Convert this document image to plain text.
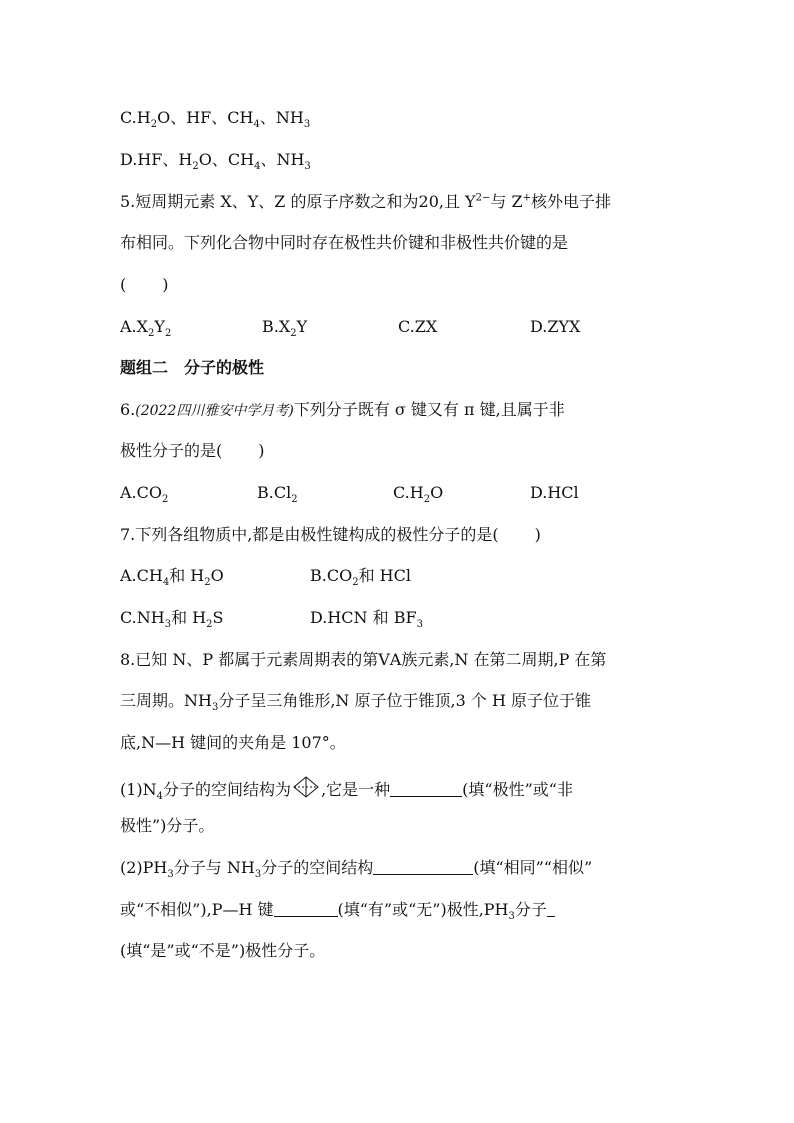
$C.H_2O$、HF、$CH_4$、$NH_3$
D.HF、$H_2O$、$CH_4$、$NH_3$
5.短周期元素 X、Y、Z 的原子序数之和为20,且 $Y^{2-}$与 Z+核外电子排
布相同。下列化合物中同时存在极性共价键和非极性共价键的是
( )
$A.X_2Y_2$	$B.X_2Y$	C.ZX	D.ZYX
题组二　分子的极性
6.(2022四川雅安中学月考)下列分子既有 σ 键又有 π 键,且属于非
极性分子的是( )
$A.CO_2$	$B.Cl_2$	$C.H_2O$	D.HCl
7.下列各组物质中,都是由极性键构成的极性分子的是( )
$A.CH_4$和 $H_2O$	$B.CO_2$和 HCl
$C.NH_3$和 $H_2S$	D.HCN 和 $BF_3$
8.已知 N、P 都属于元素周期表的第ⅤA族元素,N 在第二周期,P 在第
三周期。$NH_3$分子呈三角锥形,N 原子位于锥顶,3 个 H 原子位于锥
底,N—H 键间的夹角是 107°。
$(1)N_4$分子的空间结构为 ,它是一种	(填“极性”或“非
极性”)分子。
$(2)PH_3$分子与 $NH_3$分子的空间结构	(填“相同”“相似”
或“不相似”),P—H 键	(填“有”或“无”)极性$,PH_3$分子
(填“是”或“不是”)极性分子。
